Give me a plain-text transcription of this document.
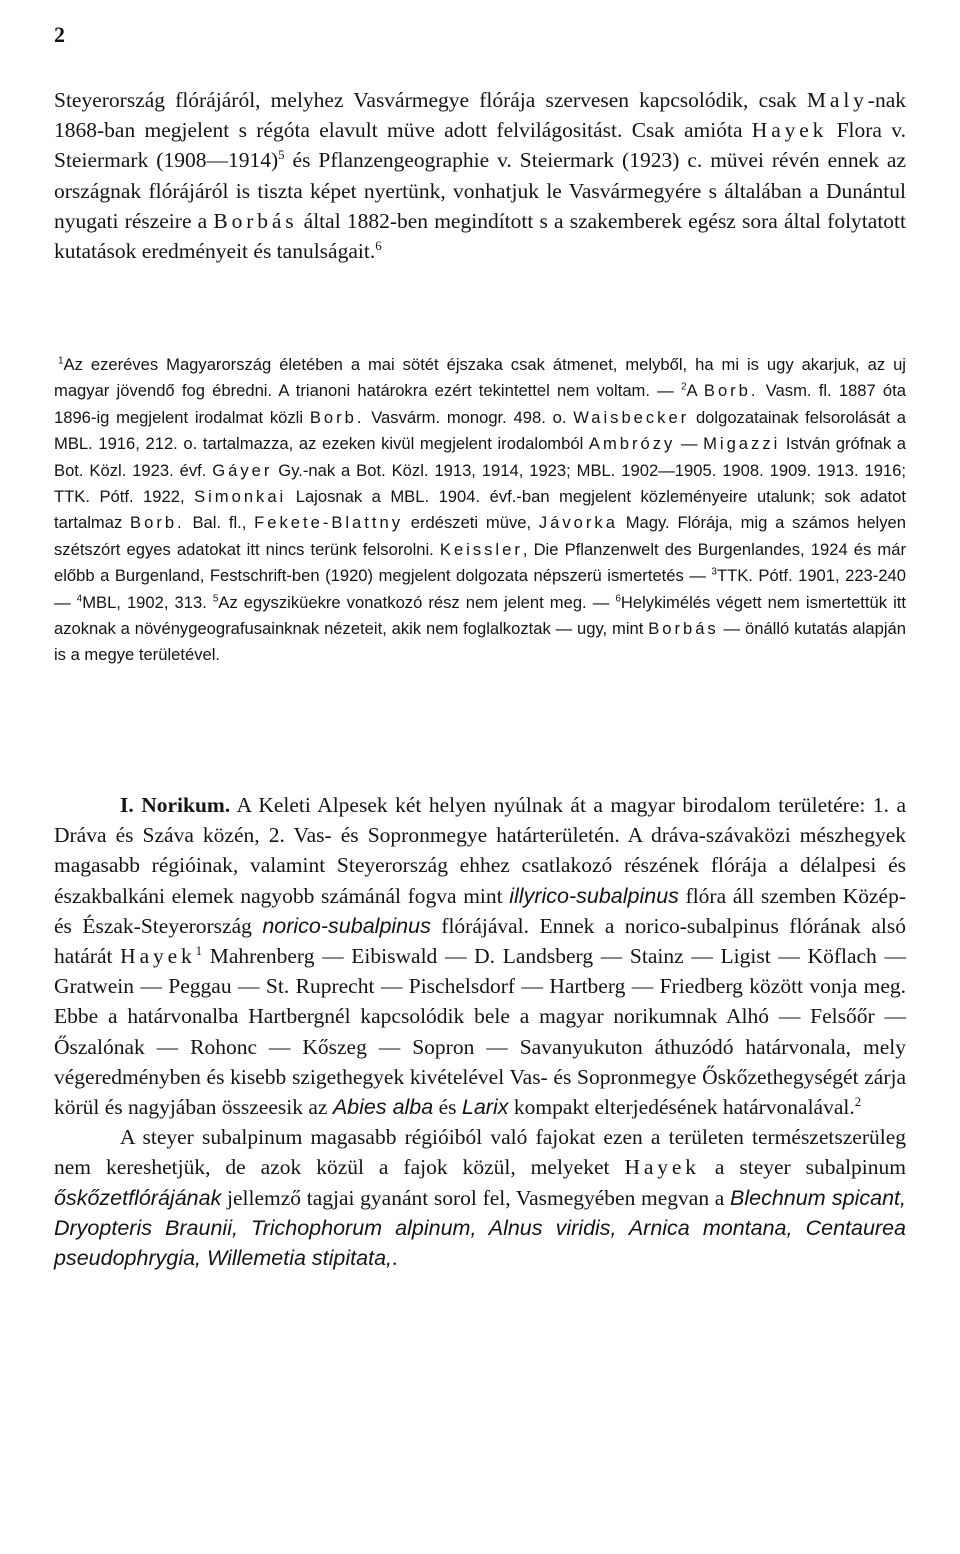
2

Steyerország flórájáról, melyhez Vasvármegye flórája szervesen kapcsolódik, csak Maly-nak 1868-ban megjelent s régóta elavult müve adott felvilágositást. Csak amióta Hayek Flora v. Steiermark (1908—1914)$^5$ és Pflanzengeographie v. Steiermark (1923) c. müvei révén ennek az országnak flórájáról is tiszta képet nyertünk, vonhatjuk le Vasvármegyére s általában a Dunántul nyugati részeire a Borbás által 1882-ben megindított s a szakemberek egész sora által folytatott kutatások eredményeit és tanulságait.$^6$

$^1$Az ezeréves Magyarország életében a mai sötét éjszaka csak átmenet, melyből, ha mi is ugy akarjuk, az uj magyar jövendő fog ébredni. A trianoni határokra ezért tekintettel nem voltam. — $^2$A Borb. Vasm. fl. 1887 óta 1896-ig megjelent irodalmat közli Borb. Vasvárm. monogr. 498. o. Waisbecker dolgozatainak felsorolását a MBL. 1916, 212. o. tartalmazza, az ezeken kivül megjelent irodalomból Ambrózy — Migazzi István grófnak a Bot. Közl. 1923. évf. Gáyer Gy.-nak a Bot. Közl. 1913, 1914, 1923; MBL. 1902—1905. 1908. 1909. 1913. 1916; TTK. Pótf. 1922, Simonkai Lajosnak a MBL. 1904. évf.-ban megjelent közleményeire utalunk; sok adatot tartalmaz Borb. Bal. fl., Fekete-Blattny erdészeti müve, Jávorka Magy. Flórája, mig a számos helyen szétszórt egyes adatokat itt nincs terünk felsorolni. Keissler, Die Pflanzenwelt des Burgenlandes, 1924 és már előbb a Burgenland, Festschrift-ben (1920) megjelent dolgozata népszerü ismertetés — $^3$TTK. Pótf. 1901, 223-240 — $^4$MBL, 1902, 313. $^5$Az egysziküekre vonatkozó rész nem jelent meg. — $^6$Helykimélés végett nem ismertettük itt azoknak a növénygeografusainknak nézeteit, akik nem foglalkoztak — ugy, mint Borbás — önálló kutatás alapján is a megye területével.

I. Norikum. A Keleti Alpesek két helyen nyúlnak át a magyar birodalom területére: 1. a Dráva és Száva közén, 2. Vas- és Sopronmegye határterületén. A dráva-szávaközi mészhegyek magasabb régióinak, valamint Steyerország ehhez csatlakozó részének flórája a délalpesi és északbalkáni elemek nagyobb számánál fogva mint illyrico-subalpinus flóra áll szemben Közép- és Észak-Steyerország norico-subalpinus flórájával. Ennek a norico-subalpinus flórának alsó határát Hayek$^1$ Mahrenberg — Eibiswald — D. Landsberg — Stainz — Ligist — Köflach — Gratwein — Peggau — St. Ruprecht — Pischelsdorf — Hartberg — Friedberg között vonja meg. Ebbe a határvonalba Hartbergnél kapcsolódik bele a magyar norikumnak Alhó — Felsőőr — Őszalónak — Rohonc — Kőszeg — Sopron — Savanyukuton áthuzódó határvonala, mely végeredményben és kisebb szigethegyek kivételével Vas- és Sopronmegye Őskőzethegységét zárja körül és nagyjában összeesik az Abies alba és Larix kompakt elterjedésének határvonalával.$^2$

A steyer subalpinum magasabb régióiból való fajokat ezen a területen természetszerüleg nem kereshetjük, de azok közül a fajok közül, melyeket Hayek a steyer subalpinum őskőzetflórájának jellemző tagjai gyanánt sorol fel, Vasmegyében megvan a Blechnum spicant, Dryopteris Braunii, Trichophorum alpinum, Alnus viridis, Arnica montana, Centaurea pseudophrygia, Willemetia stipitata,.
